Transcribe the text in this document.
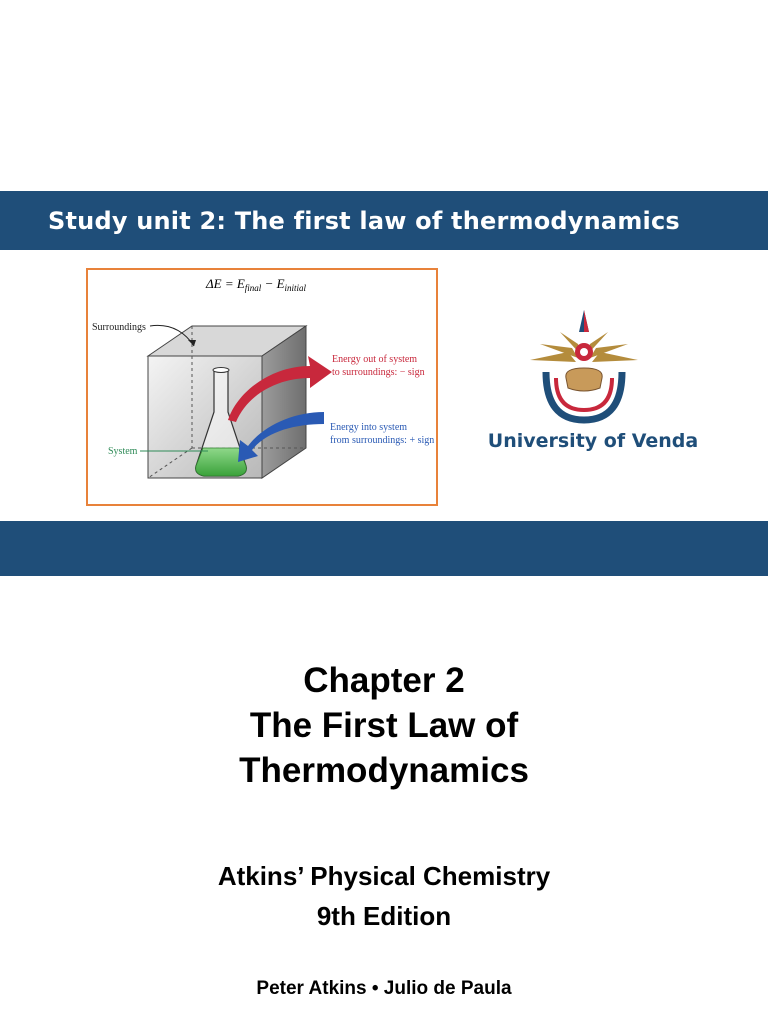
Study unit 2: The first law of thermodynamics
$\Delta E = E_{final} - E_{initial}$
Surroundings
System
Energy out of system to surroundings: − sign
Energy into system from surroundings: + sign	University of Venda
Chapter 2
The First Law of
Thermodynamics
Atkins’ Physical Chemistry
9th Edition
Peter Atkins • Julio de Paula
